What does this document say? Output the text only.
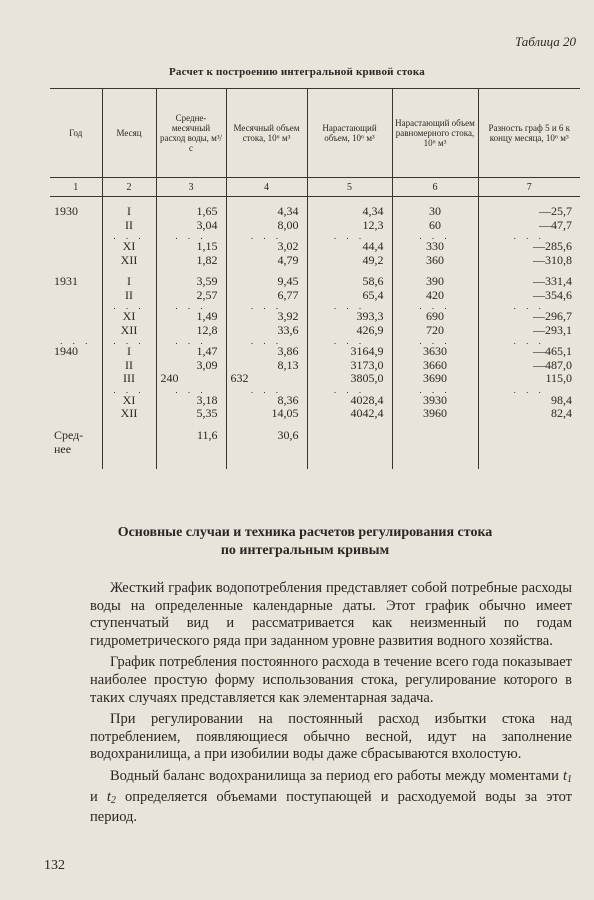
Таблица 20
Расчет к построению интегральной кривой стока
Год	Месяц	Средне-месячный расход воды, м³/с	Месячный объем стока, 10⁶ м³	Нарастающий объем, 10⁶ м³	Нарастающий объем равномерного стока, 10⁶ м³	Разность граф 5 и 6 к концу месяца, 10⁶ м³
1	2	3	4	5	6	7

1930	I	1,65	4,34	4,34	30	—25,7
	II	3,04	8,00	12,3	60	—47,7
	. . .	. . .	. . .	. . .	. . .	. . .
	XI	1,15	3,02	44,4	330	—285,6
	XII	1,82	4,79	49,2	360	—310,8

1931	I	3,59	9,45	58,6	390	—331,4
	II	2,57	6,77	65,4	420	—354,6
	. . .	. . .	. . .	. . .	. . .	. . .
	XI	1,49	3,92	393,3	690	—296,7
	XII	12,8	33,6	426,9	720	—293,1
. . .	. . .	. . .	. . .	. . .	. . .	. . .
1940	I	1,47	3,86	3164,9	3630	—465,1
	II	3,09	8,13	3173,0	3660	—487,0
	III	240	632	3805,0	3690	115,0
	. . .	. . .	. . .	. . .	. . .	. . .
	XI	3,18	8,36	4028,4	3930	98,4
	XII	5,35	14,05	4042,4	3960	82,4

Сред-		11,6	30,6			
нее						

Основные случаи и техника расчетов регулирования стока
по интегральным кривым

Жесткий график водопотребления представляет собой потребные расходы воды на определенные календарные даты. Этот график обычно имеет ступенчатый вид и рассматривается как неизменный по годам гидрометрического ряда при заданном уровне развития водного хозяйства.

График потребления постоянного расхода в течение всего года показывает наиболее простую форму использования стока, регулирование которого в таких случаях представляется как элементарная задача.

При регулировании на постоянный расход избытки стока над потреблением, появляющиеся обычно весной, идут на заполнение водохранилища, а при изобилии воды даже сбрасываются вхолостую.

Водный баланс водохранилища за период его работы между моментами $t_1$ и $t_2$ определяется объемами поступающей и расходуемой воды за этот период.

132
